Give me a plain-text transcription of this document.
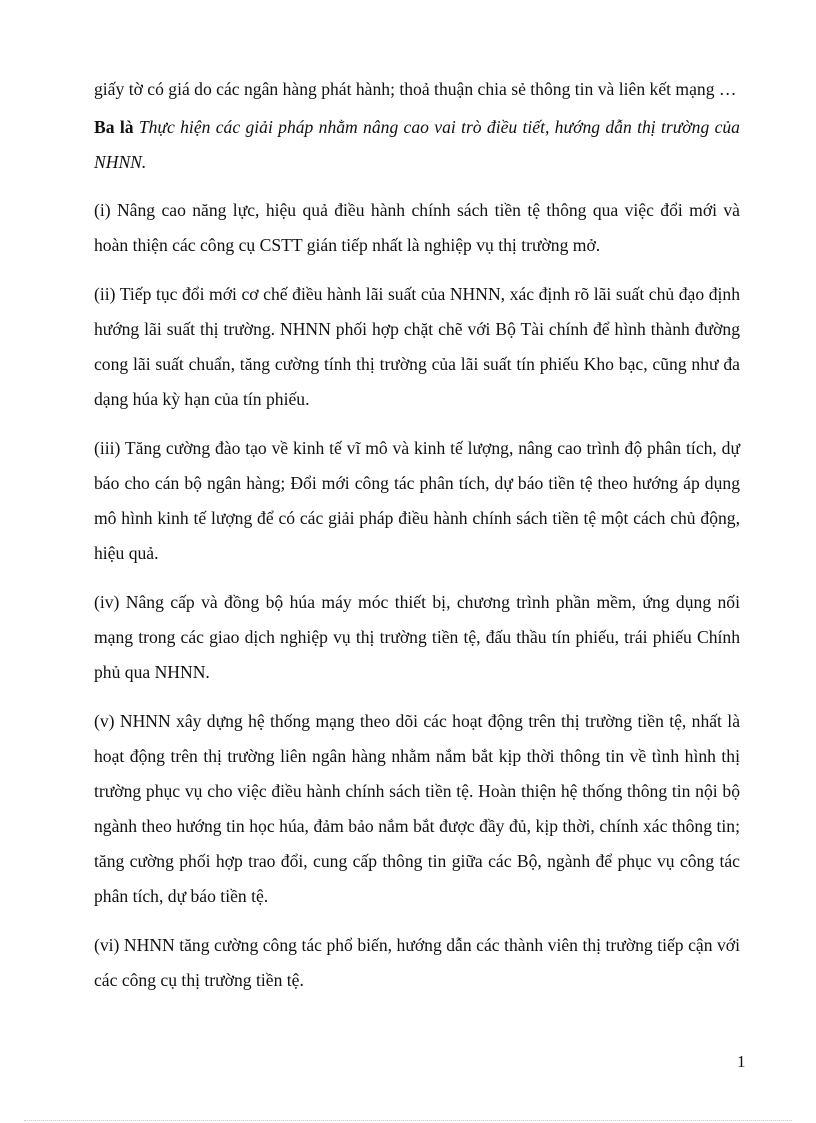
giấy tờ có giá do các ngân hàng phát hành; thoả thuận chia sẻ thông tin và liên kết mạng …

Ba là Thực hiện các giải pháp nhằm nâng cao vai trò điều tiết, hướng dẫn thị trường của NHNN.

(i) Nâng cao năng lực, hiệu quả điều hành chính sách tiền tệ thông qua việc đổi mới và hoàn thiện các công cụ CSTT gián tiếp nhất là nghiệp vụ thị trường mở.

(ii) Tiếp tục đổi mới cơ chế điều hành lãi suất của NHNN, xác định rõ lãi suất chủ đạo định hướng lãi suất thị trường. NHNN phối hợp chặt chẽ với Bộ Tài chính để hình thành đường cong lãi suất chuẩn, tăng cường tính thị trường của lãi suất tín phiếu Kho bạc, cũng như đa dạng húa kỳ hạn của tín phiếu.

(iii) Tăng cường đào tạo về kinh tế vĩ mô và kinh tế lượng, nâng cao trình độ phân tích, dự báo cho cán bộ ngân hàng; Đổi mới công tác phân tích, dự báo tiền tệ theo hướng áp dụng mô hình kinh tế lượng để có các giải pháp điều hành chính sách tiền tệ một cách chủ động, hiệu quả.

(iv) Nâng cấp và đồng bộ húa máy móc thiết bị, chương trình phần mềm, ứng dụng nối mạng trong các giao dịch nghiệp vụ thị trường tiền tệ, đấu thầu tín phiếu, trái phiếu Chính phủ qua NHNN.

(v) NHNN xây dựng hệ thống mạng theo dõi các hoạt động trên thị trường tiền tệ, nhất là hoạt động trên thị trường liên ngân hàng nhằm nắm bắt kịp thời thông tin về tình hình thị trường phục vụ cho việc điều hành chính sách tiền tệ. Hoàn thiện hệ thống thông tin nội bộ ngành theo hướng tin học húa, đảm bảo nắm bắt được đầy đủ, kịp thời, chính xác thông tin; tăng cường phối hợp trao đổi, cung cấp thông tin giữa các Bộ, ngành để phục vụ công tác phân tích, dự báo tiền tệ.

(vi) NHNN tăng cường công tác phổ biến, hướng dẫn các thành viên thị trường tiếp cận với các công cụ thị trường tiền tệ.

1
